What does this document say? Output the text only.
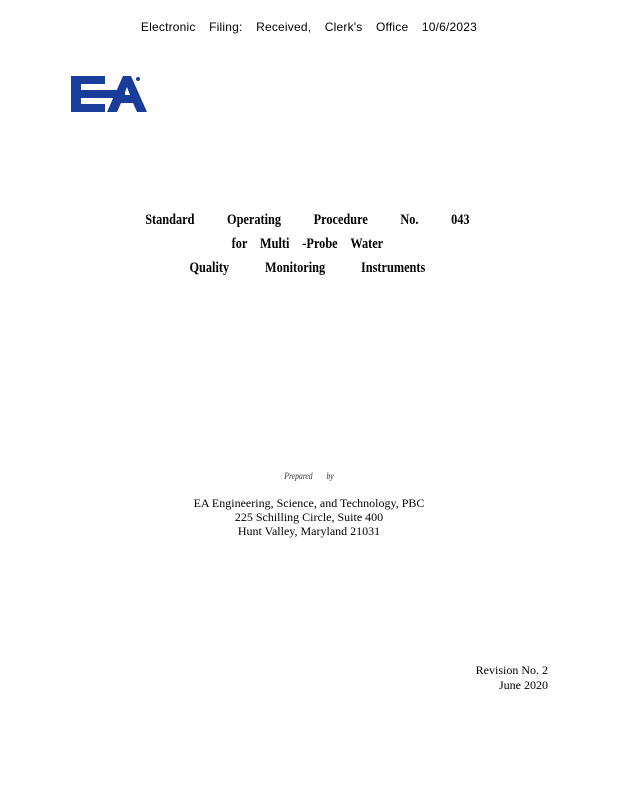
Electronic Filing: Received, Clerk's Office 10/6/2023
Standard Operating Procedure No. 043
for Multi -Probe Water
Quality Monitoring Instruments
Prepared by
EA Engineering, Science, and Technology, PBC
225 Schilling Circle, Suite 400
Hunt Valley, Maryland 21031
Revision No. 2
June 2020
